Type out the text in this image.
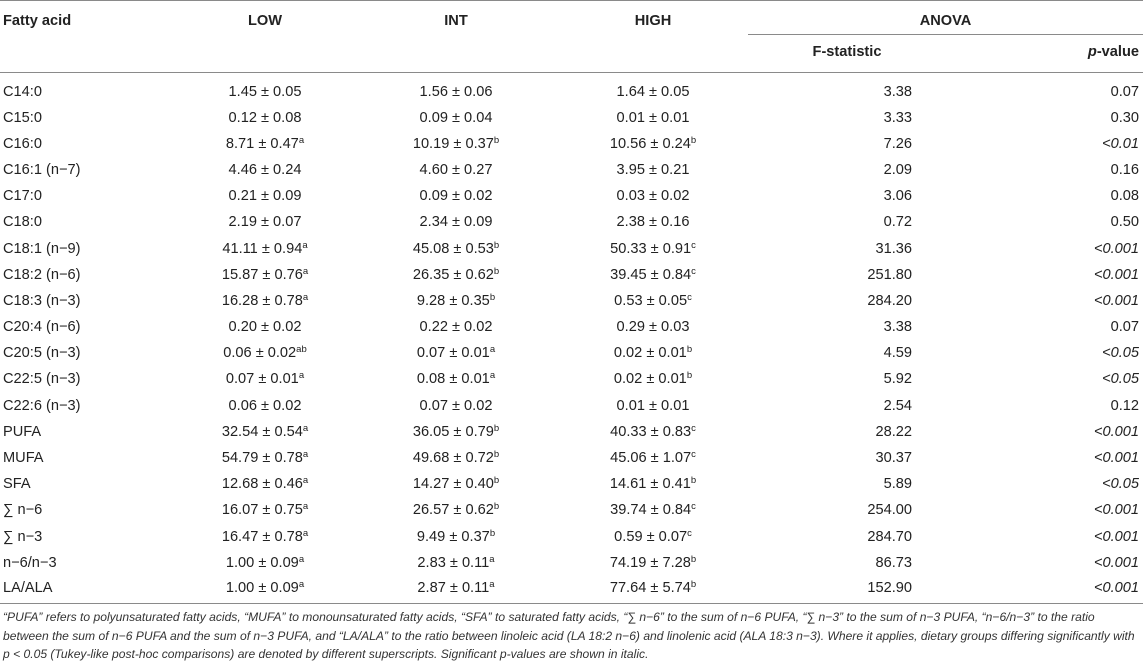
Fatty acid	LOW	INT	HIGH	ANOVA	
				F-statistic	p-value
C14:0	1.45 ± 0.05	1.56 ± 0.06	1.64 ± 0.05	3.38	0.07
C15:0	0.12 ± 0.08	0.09 ± 0.04	0.01 ± 0.01	3.33	0.30
C16:0	8.71 ± 0.47$^a$	10.19 ± 0.37$^b$	10.56 ± 0.24$^b$	7.26	<0.01
C16:1 (n−7)	4.46 ± 0.24	4.60 ± 0.27	3.95 ± 0.21	2.09	0.16
C17:0	0.21 ± 0.09	0.09 ± 0.02	0.03 ± 0.02	3.06	0.08
C18:0	2.19 ± 0.07	2.34 ± 0.09	2.38 ± 0.16	0.72	0.50
C18:1 (n−9)	41.11 ± 0.94$^a$	45.08 ± 0.53$^b$	50.33 ± 0.91$^c$	31.36	<0.001
C18:2 (n−6)	15.87 ± 0.76$^a$	26.35 ± 0.62$^b$	39.45 ± 0.84$^c$	251.80	<0.001
C18:3 (n−3)	16.28 ± 0.78$^a$	9.28 ± 0.35$^b$	0.53 ± 0.05$^c$	284.20	<0.001
C20:4 (n−6)	0.20 ± 0.02	0.22 ± 0.02	0.29 ± 0.03	3.38	0.07
C20:5 (n−3)	0.06 ± 0.02$^{ab}$	0.07 ± 0.01$^a$	0.02 ± 0.01$^b$	4.59	<0.05
C22:5 (n−3)	0.07 ± 0.01$^a$	0.08 ± 0.01$^a$	0.02 ± 0.01$^b$	5.92	<0.05
C22:6 (n−3)	0.06 ± 0.02	0.07 ± 0.02	0.01 ± 0.01	2.54	0.12
PUFA	32.54 ± 0.54$^a$	36.05 ± 0.79$^b$	40.33 ± 0.83$^c$	28.22	<0.001
MUFA	54.79 ± 0.78$^a$	49.68 ± 0.72$^b$	45.06 ± 1.07$^c$	30.37	<0.001
SFA	12.68 ± 0.46$^a$	14.27 ± 0.40$^b$	14.61 ± 0.41$^b$	5.89	<0.05
∑ n−6	16.07 ± 0.75$^a$	26.57 ± 0.62$^b$	39.74 ± 0.84$^c$	254.00	<0.001
∑ n−3	16.47 ± 0.78$^a$	9.49 ± 0.37$^b$	0.59 ± 0.07$^c$	284.70	<0.001
n−6/n−3	1.00 ± 0.09$^a$	2.83 ± 0.11$^a$	74.19 ± 7.28$^b$	86.73	<0.001
LA/ALA	1.00 ± 0.09$^a$	2.87 ± 0.11$^a$	77.64 ± 5.74$^b$	152.90	<0.001
“PUFA” refers to polyunsaturated fatty acids, “MUFA” to monounsaturated fatty acids, “SFA” to saturated fatty acids, “∑ n−6” to the sum of n−6 PUFA, “∑ n−3” to the sum of n−3 PUFA, “n−6/n−3” to the ratio between the sum of n−6 PUFA and the sum of n−3 PUFA, and “LA/ALA” to the ratio between linoleic acid (LA 18:2 n−6) and linolenic acid (ALA 18:3 n−3). Where it applies, dietary groups differing significantly with p < 0.05 (Tukey-like post-hoc comparisons) are denoted by different superscripts. Significant p-values are shown in italic.
